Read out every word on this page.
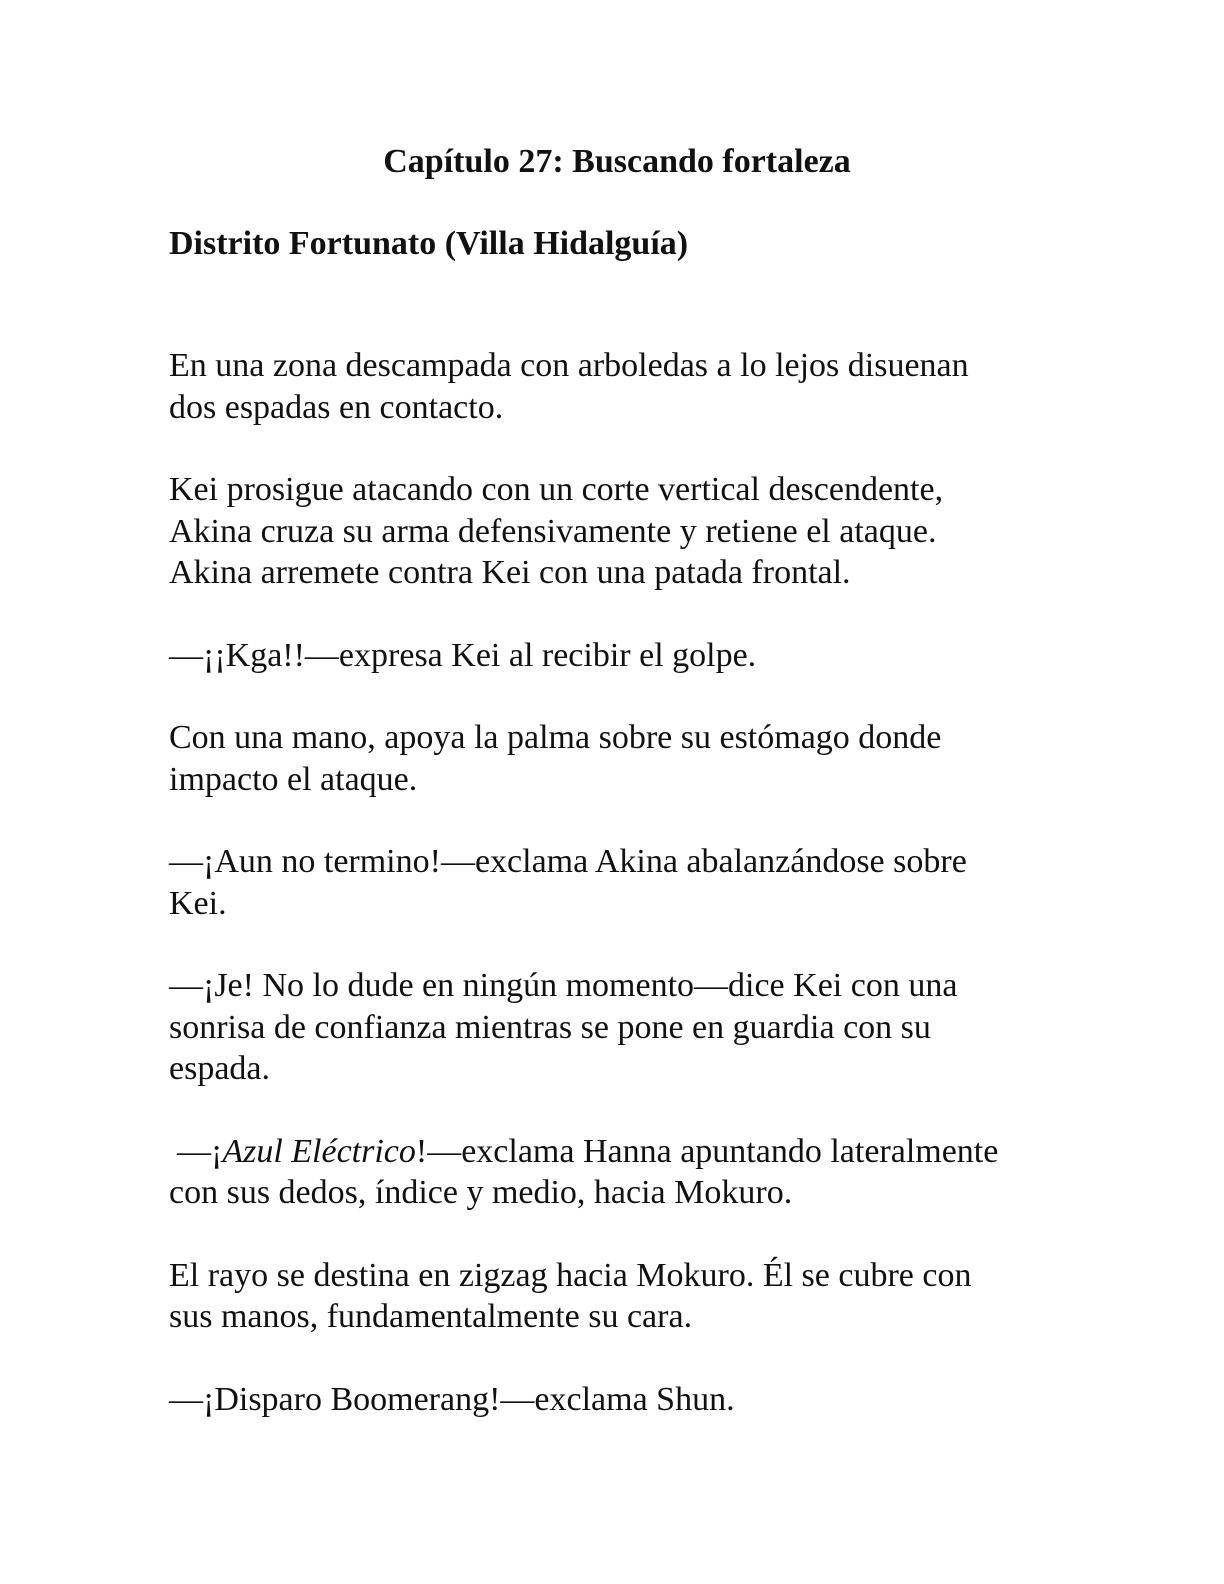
Capítulo 27: Buscando fortaleza
Distrito Fortunato (Villa Hidalguía)

En una zona descampada con arboledas a lo lejos disuenan
dos espadas en contacto.

Kei prosigue atacando con un corte vertical descendente,
Akina cruza su arma defensivamente y retiene el ataque.
Akina arremete contra Kei con una patada frontal.

—¡¡Kga!!—expresa Kei al recibir el golpe.

Con una mano, apoya la palma sobre su estómago donde
impacto el ataque.

—¡Aun no termino!—exclama Akina abalanzándose sobre
Kei.

—¡Je! No lo dude en ningún momento—dice Kei con una
sonrisa de confianza mientras se pone en guardia con su
espada.

—¡Azul Eléctrico!—exclama Hanna apuntando lateralmente
con sus dedos, índice y medio, hacia Mokuro.

El rayo se destina en zigzag hacia Mokuro. Él se cubre con
sus manos, fundamentalmente su cara.

—¡Disparo Boomerang!—exclama Shun.
